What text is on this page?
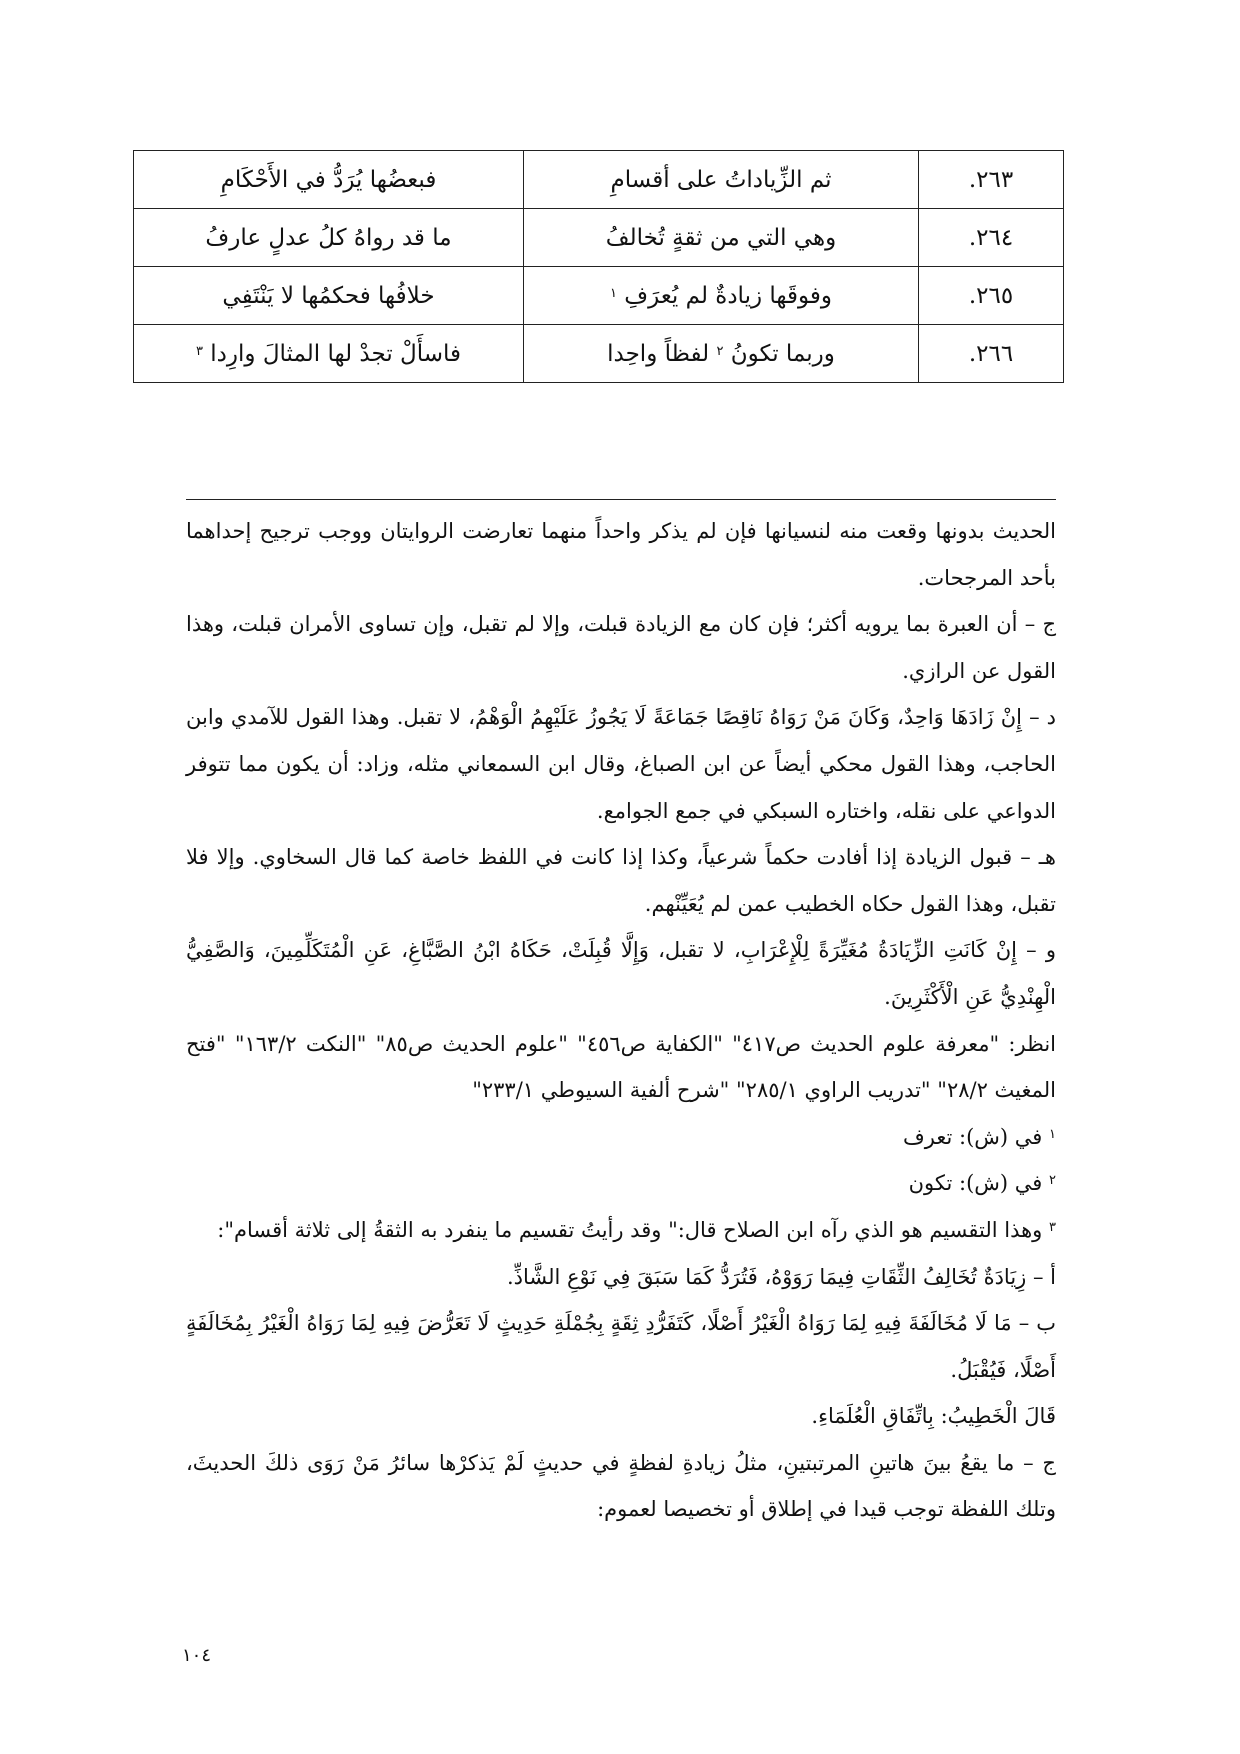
٢٦٣.	ثم الزِّياداتُ على أقسامِ	فبعضُها يُرَدُّ في الأَحْكَامِ
٢٦٤.	وهي التي من ثقةٍ تُخالفُ	ما قد رواهُ كلُ عدلٍ عارفُ
٢٦٥.	وفوقَها زيادةٌ لم يُعرَفِ $^١$	خلافُها فحكمُها لا يَنْتَفِي
٢٦٦.	وربما تكونُ $^٢$ لفظاً واحِدا	فاسأَلْ تجدْ لها المثالَ وارِدا $^٣$

الحديث بدونها وقعت منه لنسيانها فإن لم يذكر واحداً منهما تعارضت الروايتان ووجب ترجيح إحداهما بأحد المرجحات.

ج – أن العبرة بما يرويه أكثر؛ فإن كان مع الزيادة قبلت، وإلا لم تقبل، وإن تساوى الأمران قبلت، وهذا القول عن الرازي.

د – إِنْ زَادَهَا وَاحِدٌ، وَكَانَ مَنْ رَوَاهُ نَاقِصًا جَمَاعَةً لَا يَجُوزُ عَلَيْهِمُ الْوَهْمُ، لا تقبل. وهذا القول للآمدي وابن الحاجب، وهذا القول محكي أيضاً عن ابن الصباغ، وقال ابن السمعاني مثله، وزاد: أن يكون مما تتوفر الدواعي على نقله، واختاره السبكي في جمع الجوامع.

هـ – قبول الزيادة إذا أفادت حكماً شرعياً، وكذا إذا كانت في اللفظ خاصة كما قال السخاوي. وإلا فلا تقبل، وهذا القول حكاه الخطيب عمن لم يُعَيِّنْهم.

و – إِنْ كَانَتِ الزِّيَادَةُ مُغَيِّرَةً لِلْإِعْرَابِ، لا تقبل، وَإِلَّا قُبِلَتْ، حَكَاهُ ابْنُ الصَّبَّاغِ، عَنِ الْمُتَكَلِّمِينَ، وَالصَّفِيُّ الْهِنْدِيُّ عَنِ الْأَكْثَرِينَ.

انظر: "معرفة علوم الحديث ص٤١٧" "الكفاية ص٤٥٦" "علوم الحديث ص٨٥" "النكت ١٦٣/٢" "فتح المغيث ٢٨/٢" "تدريب الراوي ٢٨٥/١" "شرح ألفية السيوطي ٢٣٣/١"

$^١$ في (ش): تعرف

$^٢$ في (ش): تكون

$^٣$ وهذا التقسيم هو الذي رآه ابن الصلاح قال:" وقد رأيتُ تقسيم ما ينفرد به الثقةُ إلى ثلاثة أقسام":

أ – زِيَادَةٌ تُخَالِفُ الثِّقَاتِ فِيمَا رَوَوْهُ، فَتُرَدُّ كَمَا سَبَقَ فِي نَوْعِ الشَّاذِّ.

ب – مَا لَا مُخَالَفَةَ فِيهِ لِمَا رَوَاهُ الْغَيْرُ أَصْلًا، كَتَفَرُّدِ ثِقَةٍ بِجُمْلَةِ حَدِيثٍ لَا تَعَرُّضَ فِيهِ لِمَا رَوَاهُ الْغَيْرُ بِمُخَالَفَةٍ أَصْلًا، فَيُقْبَلُ.

قَالَ الْخَطِيبُ: بِاتِّفَاقِ الْعُلَمَاءِ.

ج – ما يقعُ بينَ هاتينِ المرتبتينِ، مثلُ زيادةِ لفظةٍ في حديثٍ لَمْ يَذكرْها سائرُ مَنْ رَوَى ذلكَ الحديثَ، وتلك اللفظة توجب قيدا في إطلاق أو تخصيصا لعموم:

١٠٤
